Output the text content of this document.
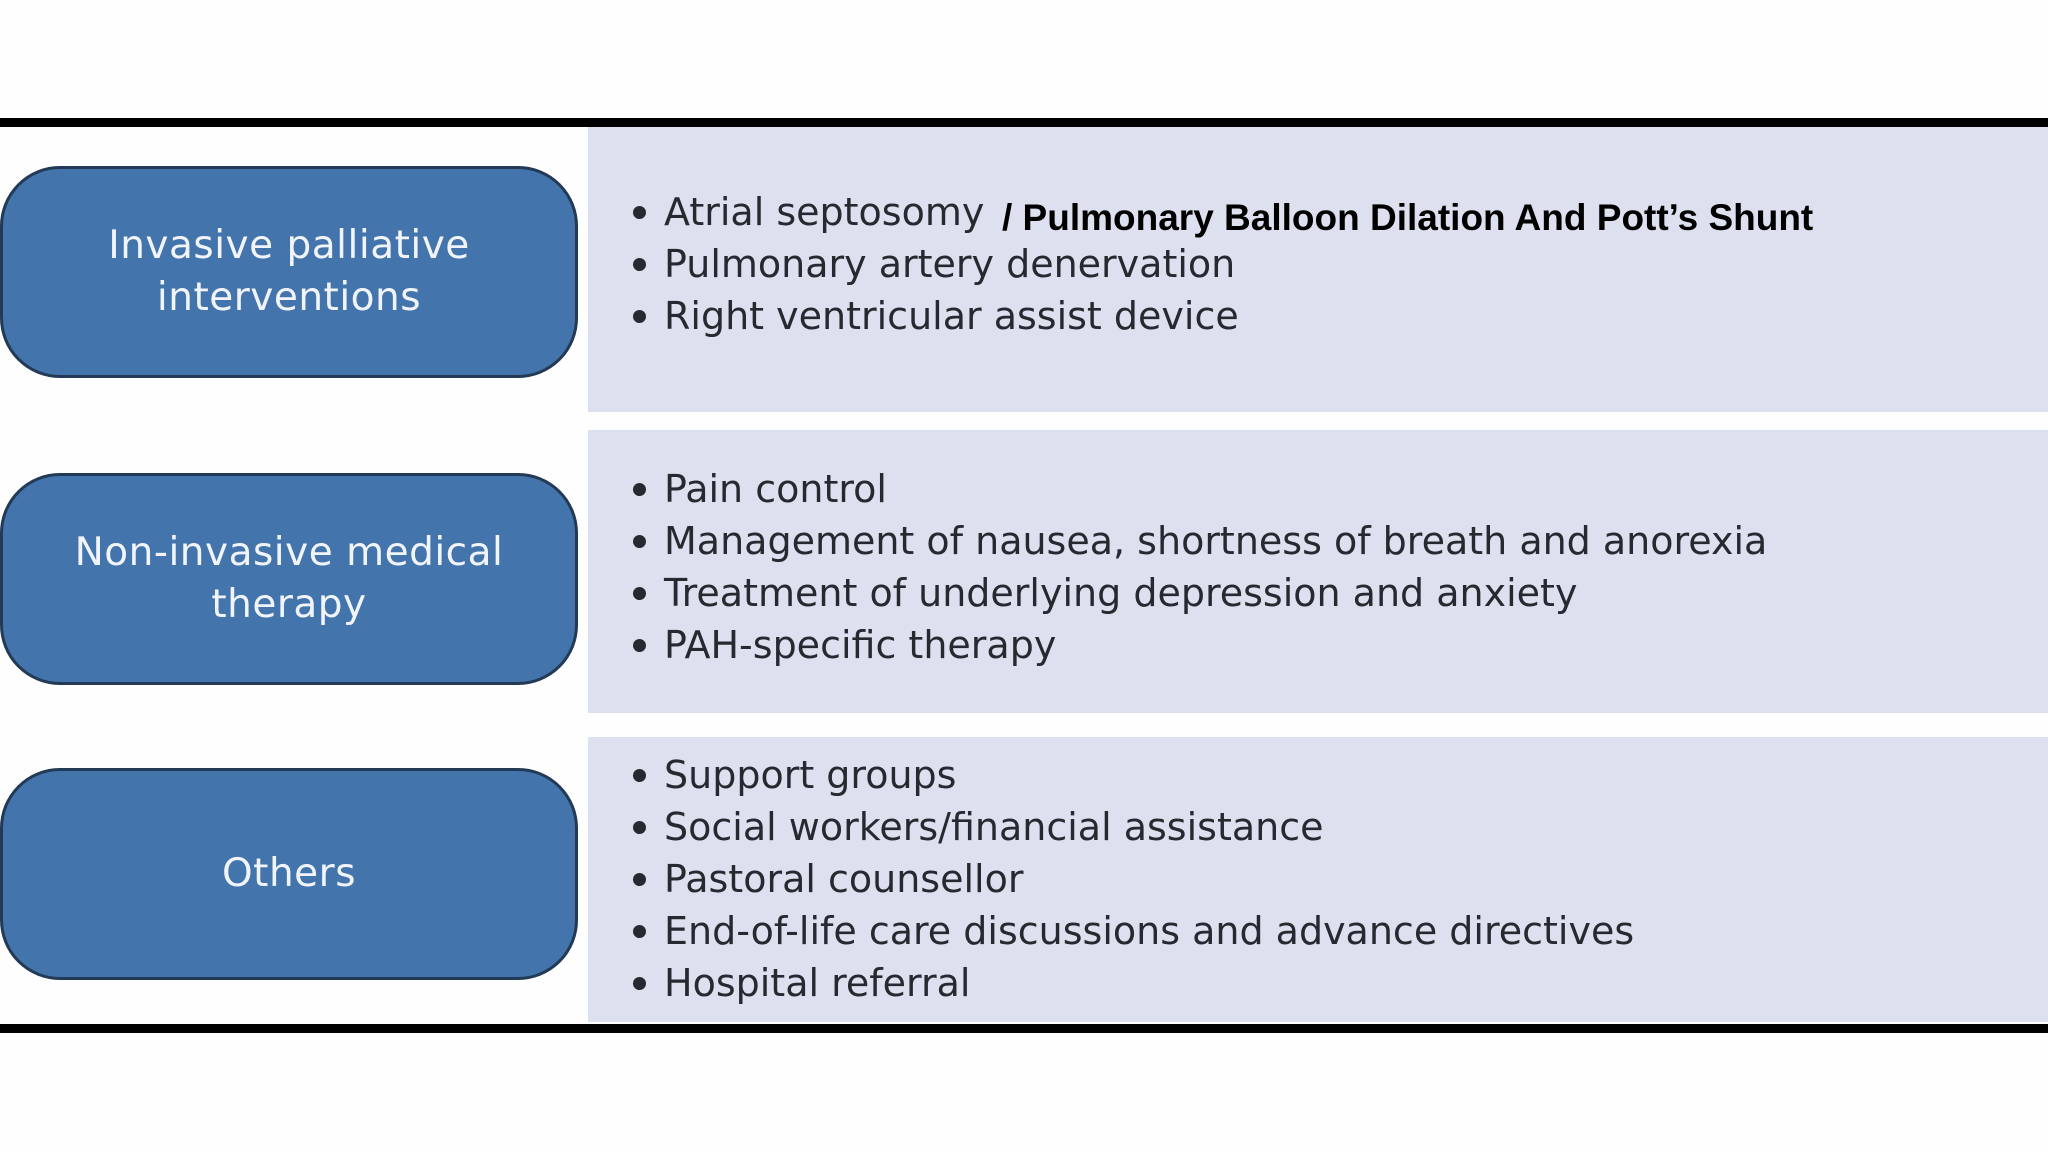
Invasive palliative
interventions
Atrial septosomy
Pulmonary artery denervation
Right ventricular assist device
/ Pulmonary Balloon Dilation And Pott’s Shunt
Non-invasive medical
therapy
Pain control
Management of nausea, shortness of breath and anorexia
Treatment of underlying depression and anxiety
PAH-specific therapy
Others
Support groups
Social workers/financial assistance
Pastoral counsellor
End-of-life care discussions and advance directives
Hospital referral
